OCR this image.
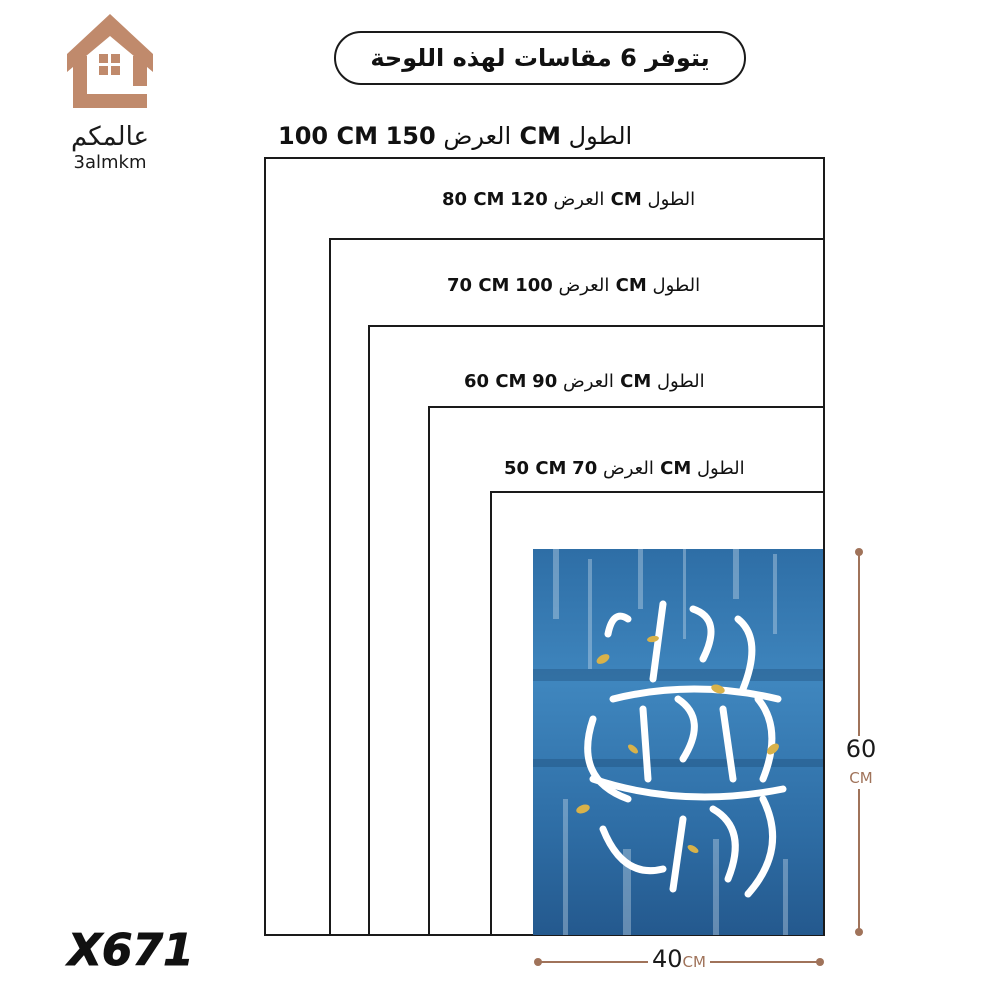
عالمكم
3almkm
يتوفر 6 مقاسات لهذه اللوحة
100 CM	العرض 150 CM الطول
80 CM	العرض 120 CM الطول
70 CM	العرض 100 CM الطول
60 CM العرض 90 CM الطول
50 CM العرض 70 CM الطول
60
CM
40CM
X671
